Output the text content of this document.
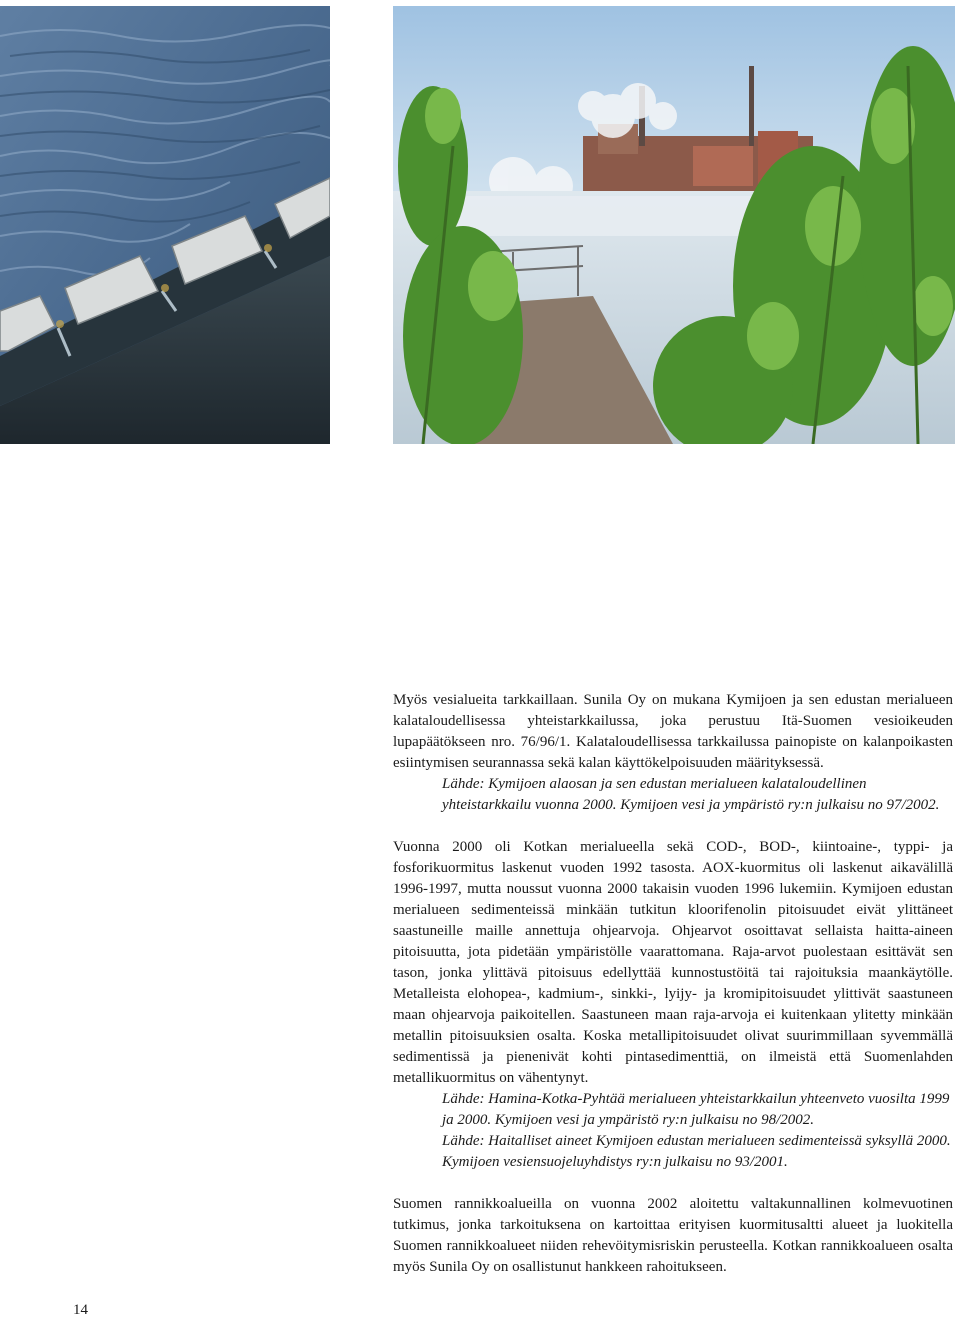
Myös vesialueita tarkkaillaan. Sunila Oy on mukana Kymijoen ja sen edustan merialueen kalataloudellisessa yhteistarkkailussa, joka perustuu Itä-Suomen vesioikeuden lupapäätökseen nro. 76/96/1. Kalataloudellisessa tarkkailussa painopiste on kalanpoikasten esiintymisen seurannassa sekä kalan käyttökelpoisuuden määrityksessä.

Lähde: Kymijoen alaosan ja sen edustan merialueen kalataloudellinen yhteistarkkailu vuonna 2000. Kymijoen vesi ja ympäristö ry:n julkaisu no 97/2002.

Vuonna 2000 oli Kotkan merialueella sekä COD-, BOD-, kiintoaine-, typpi- ja fosforikuormitus laskenut vuoden 1992 tasosta. AOX-kuormitus oli laskenut aikavälillä 1996-1997, mutta noussut vuonna 2000 takaisin vuoden 1996 lukemiin. Kymijoen edustan merialueen sedimenteissä minkään tutkitun kloorifenolin pitoisuudet eivät ylittäneet saastuneille maille annettuja ohjearvoja. Ohjearvot osoittavat sellaista haitta-aineen pitoisuutta, jota pidetään ympäristölle vaarattomana. Raja-arvot puolestaan esittävät sen tason, jonka ylittävä pitoisuus edellyttää kunnostustöitä tai rajoituksia maankäytölle. Metalleista elohopea-, kadmium-, sinkki-, lyijy- ja kromipitoisuudet ylittivät saastuneen maan ohjearvoja paikoitellen. Saastuneen maan raja-arvoja ei kuitenkaan ylitetty minkään metallin pitoisuuksien osalta. Koska metallipitoisuudet olivat suurimmillaan syvemmällä sedimentissä ja pienenivät kohti pintasedimenttiä, on ilmeistä että Suomenlahden metallikuormitus on vähentynyt.

Lähde: Hamina-Kotka-Pyhtää merialueen yhteistarkkailun yhteenveto vuosilta 1999 ja 2000. Kymijoen vesi ja ympäristö ry:n julkaisu no 98/2002.

Lähde: Haitalliset aineet Kymijoen edustan merialueen sedimenteissä syksyllä 2000. Kymijoen vesiensuojeluyhdistys ry:n julkaisu no 93/2001.

Suomen rannikkoalueilla on vuonna 2002 aloitettu valtakunnallinen kolmevuotinen tutkimus, jonka tarkoituksena on kartoittaa erityisen kuormitusaltti alueet ja luokitella Suomen rannikkoalueet niiden rehevöitymisriskin perusteella. Kotkan rannikkoalueen osalta myös Sunila Oy on osallistunut hankkeen rahoitukseen.

14
